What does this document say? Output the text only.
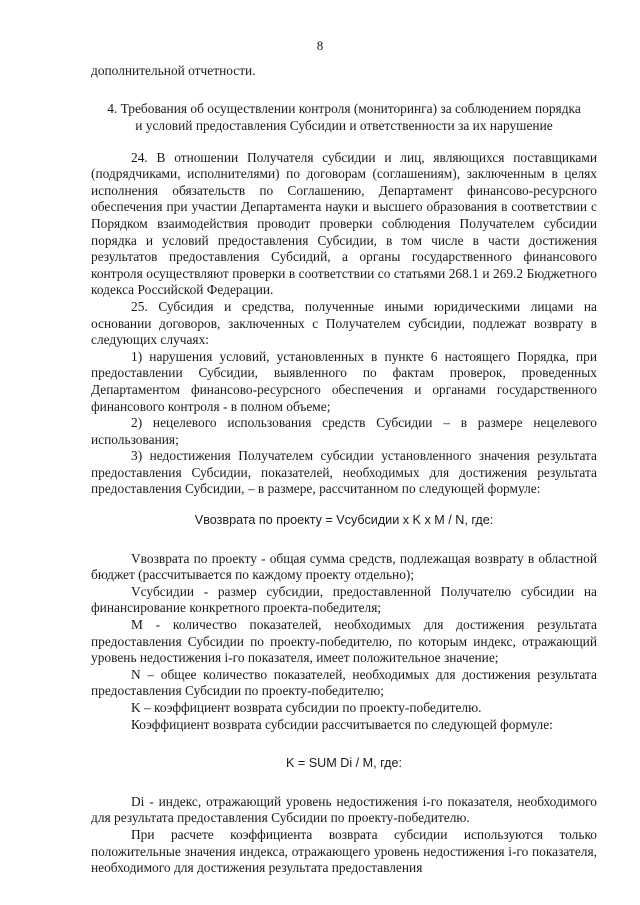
8

дополнительной отчетности.

4. Требования об осуществлении контроля (мониторинга) за соблюдением порядка
и условий предоставления Субсидии и ответственности за их нарушение

24. В отношении Получателя субсидии и лиц, являющихся поставщиками (подрядчиками, исполнителями) по договорам (соглашениям), заключенным в целях исполнения обязательств по Соглашению, Департамент финансово-ресурсного обеспечения при участии Департамента науки и высшего образования в соответствии с Порядком взаимодействия проводит проверки соблюдения Получателем субсидии порядка и условий предоставления Субсидии, в том числе в части достижения результатов предоставления Субсидий, а органы государственного финансового контроля осуществляют проверки в соответствии со статьями 268.1 и 269.2 Бюджетного кодекса Российской Федерации.

25. Субсидия и средства, полученные иными юридическими лицами на основании договоров, заключенных с Получателем субсидии, подлежат возврату в следующих случаях:

1) нарушения условий, установленных в пункте 6 настоящего Порядка, при предоставлении Субсидии, выявленного по фактам проверок, проведенных Департаментом финансово-ресурсного обеспечения и органами государственного финансового контроля - в полном объеме;

2) нецелевого использования средств Субсидии – в размере нецелевого использования;

3) недостижения Получателем субсидии установленного значения результата предоставления Субсидии, показателей, необходимых для достижения результата предоставления Субсидии, – в размере, рассчитанном по следующей формуле:

Vвозврата по проекту = Vсубсидии x K x M / N, где:

Vвозврата по проекту - общая сумма средств, подлежащая возврату в областной бюджет (рассчитывается по каждому проекту отдельно);

Vсубсидии - размер субсидии, предоставленной Получателю субсидии на финансирование конкретного проекта-победителя;

M - количество показателей, необходимых для достижения результата предоставления Субсидии по проекту-победителю, по которым индекс, отражающий уровень недостижения i-го показателя, имеет положительное значение;

N – общее количество показателей, необходимых для достижения результата предоставления Субсидии по проекту-победителю;

K – коэффициент возврата субсидии по проекту-победителю.

Коэффициент возврата субсидии рассчитывается по следующей формуле:

K = SUM Di / M, где:

Di - индекс, отражающий уровень недостижения i-го показателя, необходимого для результата предоставления Субсидии по проекту-победителю.

При расчете коэффициента возврата субсидии используются только положительные значения индекса, отражающего уровень недостижения i-го показателя, необходимого для достижения результата предоставления
